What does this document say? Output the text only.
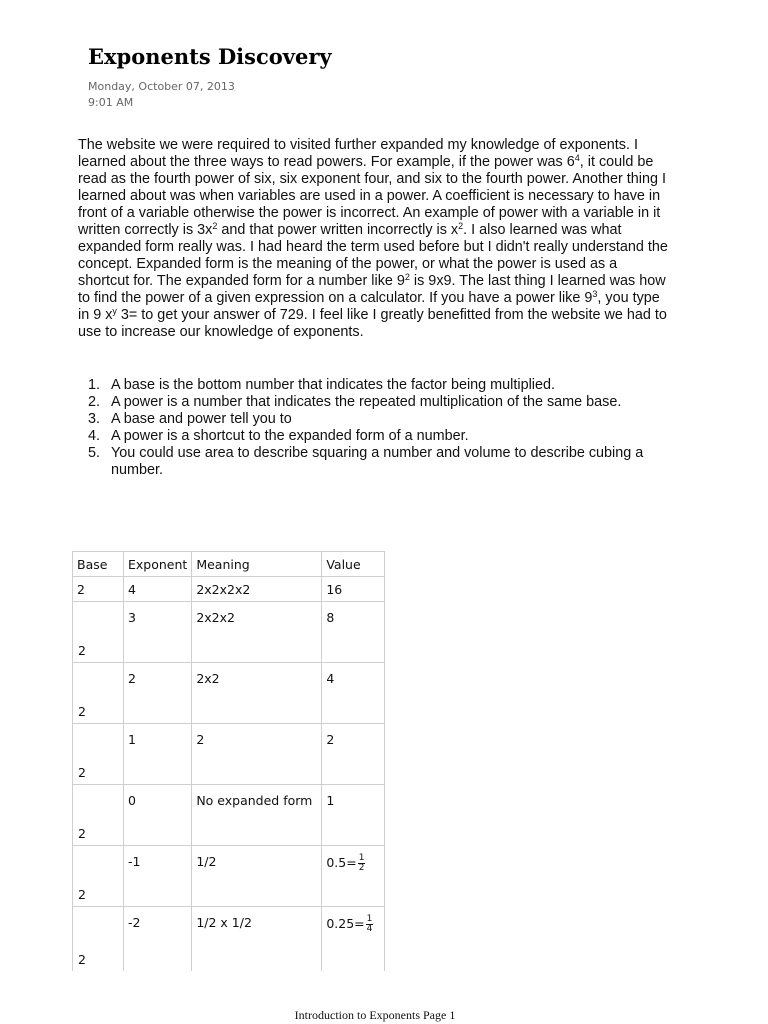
Exponents Discovery
Monday, October 07, 2013
9:01 AM

The website we were required to visited further expanded my knowledge of exponents. I learned about the three ways to read powers. For example, if the power was $6^4$, it could be read as the fourth power of six, six exponent four, and six to the fourth power. Another thing I learned about was when variables are used in a power. A coefficient is necessary to have in front of a variable otherwise the power is incorrect. An example of power with a variable in it written correctly is $3x^2$ and that power written incorrectly is $x^2$. I also learned was what expanded form really was. I had heard the term used before but I didn't really understand the concept. Expanded form is the meaning of the power, or what the power is used as a shortcut for. The expanded form for a number like $9^2$ is 9x9. The last thing I learned was how to find the power of a given expression on a calculator. If you have a power like $9^3$, you type in 9 $x^y$ 3= to get your answer of 729. I feel like I greatly benefitted from the website we had to use to increase our knowledge of exponents.

1. A base is the bottom number that indicates the factor being multiplied.
2. A power is a number that indicates the repeated multiplication of the same base.
3. A base and power tell you to
4. A power is a shortcut to the expanded form of a number.
5. You could use area to describe squaring a number and volume to describe cubing a number.
Base	Exponent	Meaning	Value
2	4	2x2x2x2	16

2	3	2x2x2	8

2	2	2x2	4

2	1	2	2

2	0	No expanded form	1

2	-1	1/2	$0.5= \frac{1}{2}$

2	-2	1/2 x 1/2	$0.25= \frac{1}{4}$
Introduction to Exponents Page 1
